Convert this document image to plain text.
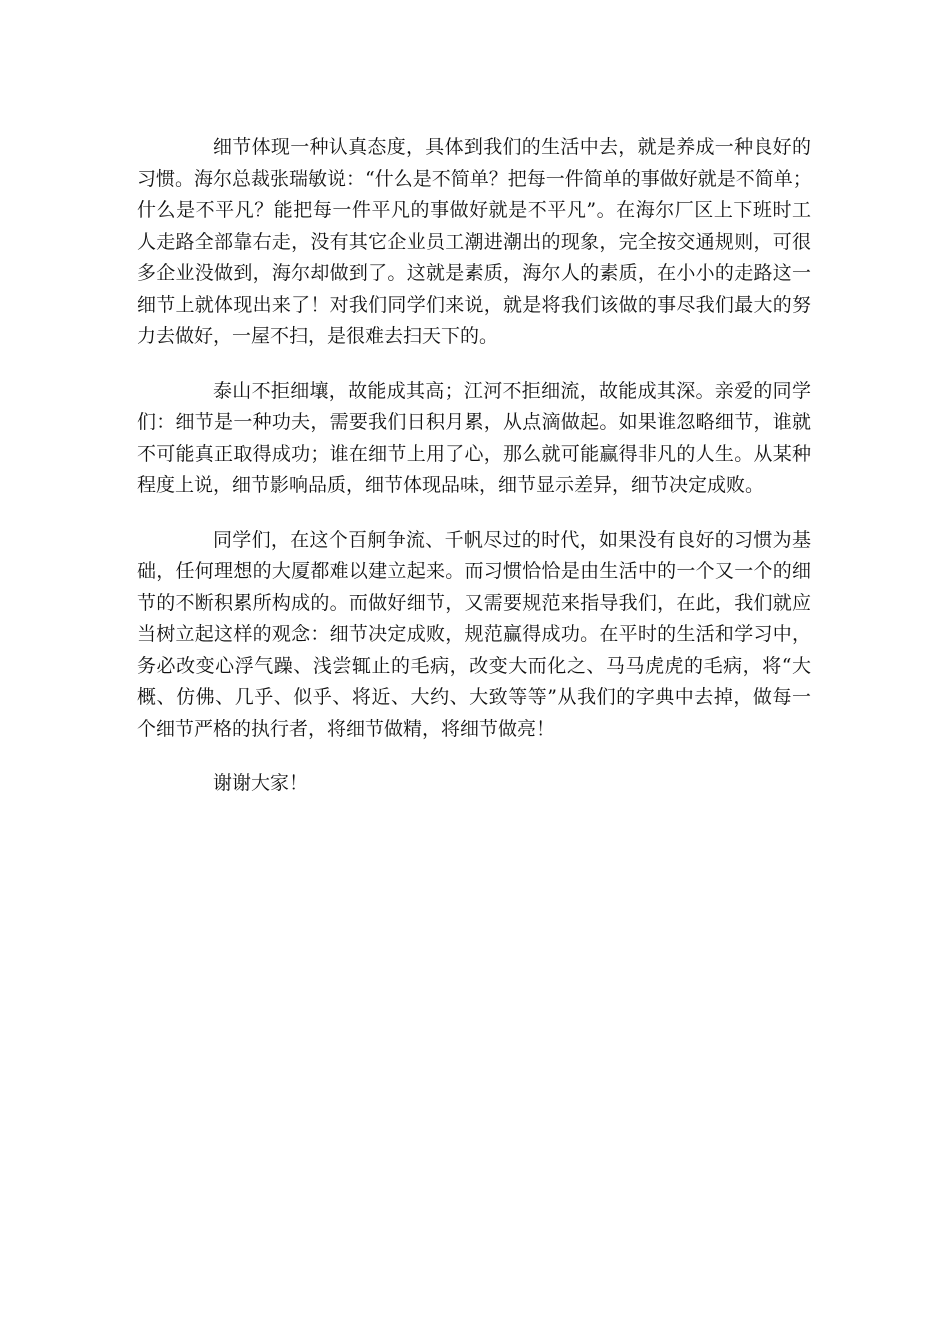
细节体现一种认真态度，具体到我们的生活中去，就是养成一种良好的
习惯。海尔总裁张瑞敏说：“什么是不简单？把每一件简单的事做好就是不简单；
什么是不平凡？能把每一件平凡的事做好就是不平凡”。在海尔厂区上下班时工
人走路全部靠右走，没有其它企业员工潮进潮出的现象，完全按交通规则，可很
多企业没做到，海尔却做到了。这就是素质，海尔人的素质，在小小的走路这一
细节上就体现出来了！对我们同学们来说，就是将我们该做的事尽我们最大的努
力去做好，一屋不扫，是很难去扫天下的。
泰山不拒细壤，故能成其高；江河不拒细流，故能成其深。亲爱的同学
们：细节是一种功夫，需要我们日积月累，从点滴做起。如果谁忽略细节，谁就
不可能真正取得成功；谁在细节上用了心，那么就可能赢得非凡的人生。从某种
程度上说，细节影响品质，细节体现品味，细节显示差异，细节决定成败。
同学们，在这个百舸争流、千帆尽过的时代，如果没有良好的习惯为基
础，任何理想的大厦都难以建立起来。而习惯恰恰是由生活中的一个又一个的细
节的不断积累所构成的。而做好细节，又需要规范来指导我们，在此，我们就应
当树立起这样的观念：细节决定成败，规范赢得成功。在平时的生活和学习中，
务必改变心浮气躁、浅尝辄止的毛病，改变大而化之、马马虎虎的毛病，将“大
概、仿佛、几乎、似乎、将近、大约、大致等等”从我们的字典中去掉，做每一
个细节严格的执行者，将细节做精，将细节做亮！
谢谢大家！
